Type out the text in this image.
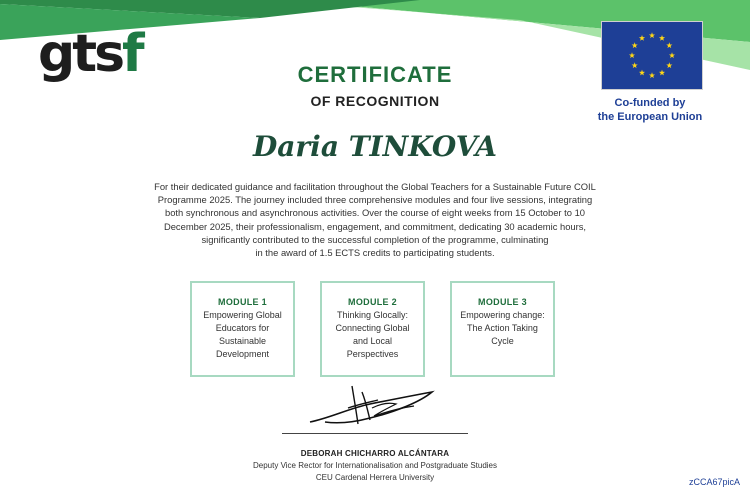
gtsf
Co-funded by
the European Union
CERTIFICATE
OF RECOGNITION
Daria TINKOVA
For their dedicated guidance and facilitation throughout the Global Teachers for a Sustainable Future COIL
Programme 2025. The journey included three comprehensive modules and four live sessions, integrating
both synchronous and asynchronous activities. Over the course of eight weeks from 15 October to 10
December 2025, their professionalism, engagement, and commitment, dedicating 30 academic hours,
significantly contributed to the successful completion of the programme, culminating
in the award of 1.5 ECTS credits to participating students.
MODULE 1
Empowering Global Educators for Sustainable Development
MODULE 2
Thinking Glocally: Connecting Global and Local Perspectives
MODULE 3
Empowering change: The Action Taking Cycle
DEBORAH CHICHARRO ALCÁNTARA
Deputy Vice Rector for Internationalisation and Postgraduate Studies
CEU Cardenal Herrera University	zCCA67picA
